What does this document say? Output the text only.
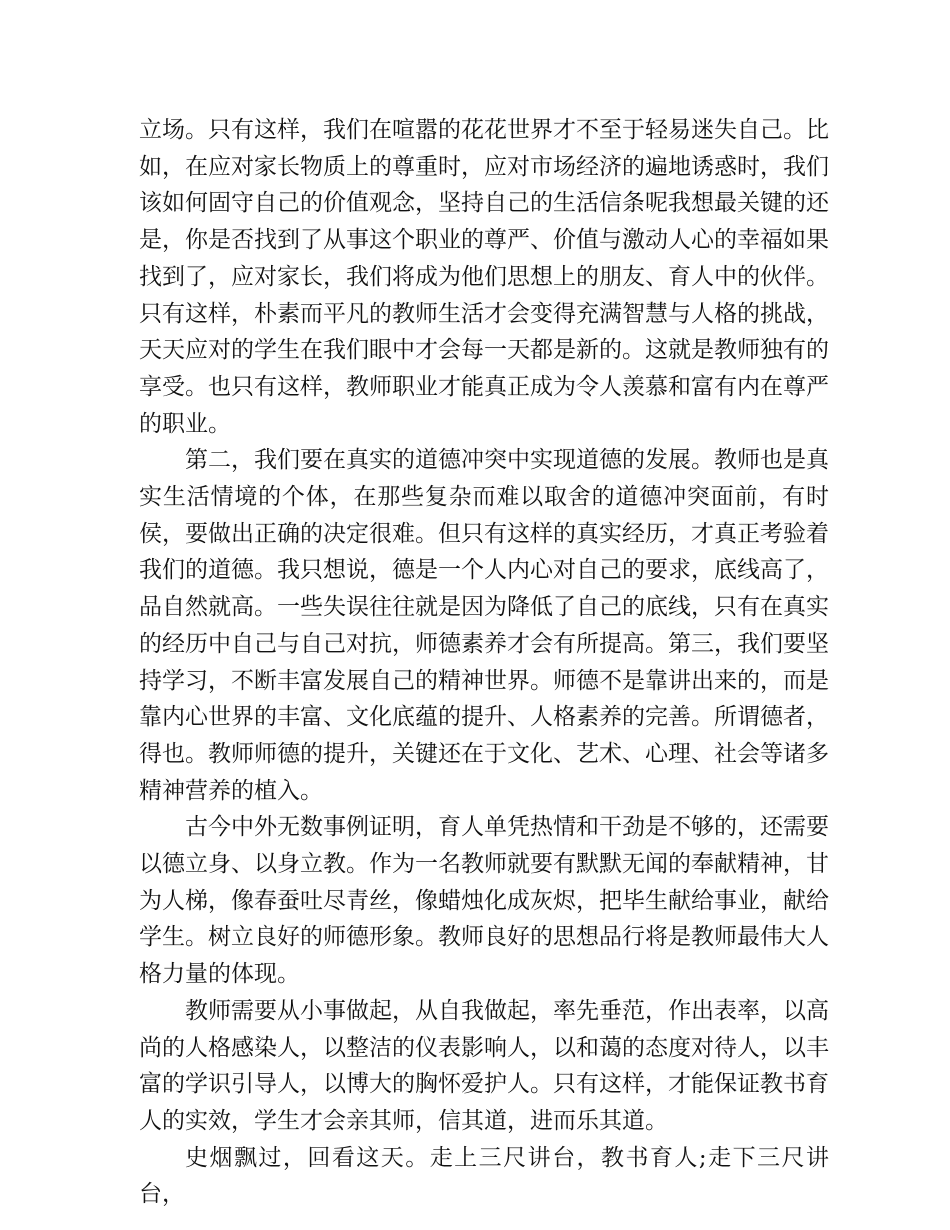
立场。只有这样，我们在喧嚣的花花世界才不至于轻易迷失自己。比如，在应对家长物质上的尊重时，应对市场经济的遍地诱惑时，我们该如何固守自己的价值观念，坚持自己的生活信条呢我想最关键的还是，你是否找到了从事这个职业的尊严、价值与激动人心的幸福如果找到了，应对家长，我们将成为他们思想上的朋友、育人中的伙伴。只有这样，朴素而平凡的教师生活才会变得充满智慧与人格的挑战，天天应对的学生在我们眼中才会每一天都是新的。这就是教师独有的享受。也只有这样，教师职业才能真正成为令人羡慕和富有内在尊严的职业。

第二，我们要在真实的道德冲突中实现道德的发展。教师也是真实生活情境的个体，在那些复杂而难以取舍的道德冲突面前，有时侯，要做出正确的决定很难。但只有这样的真实经历，才真正考验着我们的道德。我只想说，德是一个人内心对自己的要求，底线高了，品自然就高。一些失误往往就是因为降低了自己的底线，只有在真实的经历中自己与自己对抗，师德素养才会有所提高。第三，我们要坚持学习，不断丰富发展自己的精神世界。师德不是靠讲出来的，而是靠内心世界的丰富、文化底蕴的提升、人格素养的完善。所谓德者，得也。教师师德的提升，关键还在于文化、艺术、心理、社会等诸多精神营养的植入。

古今中外无数事例证明，育人单凭热情和干劲是不够的，还需要以德立身、以身立教。作为一名教师就要有默默无闻的奉献精神，甘为人梯，像春蚕吐尽青丝，像蜡烛化成灰烬，把毕生献给事业，献给学生。树立良好的师德形象。教师良好的思想品行将是教师最伟大人格力量的体现。

教师需要从小事做起，从自我做起，率先垂范，作出表率，以高尚的人格感染人，以整洁的仪表影响人，以和蔼的态度对待人，以丰富的学识引导人，以博大的胸怀爱护人。只有这样，才能保证教书育人的实效，学生才会亲其师，信其道，进而乐其道。

史烟飘过，回看这天。走上三尺讲台，教书育人;走下三尺讲台，
